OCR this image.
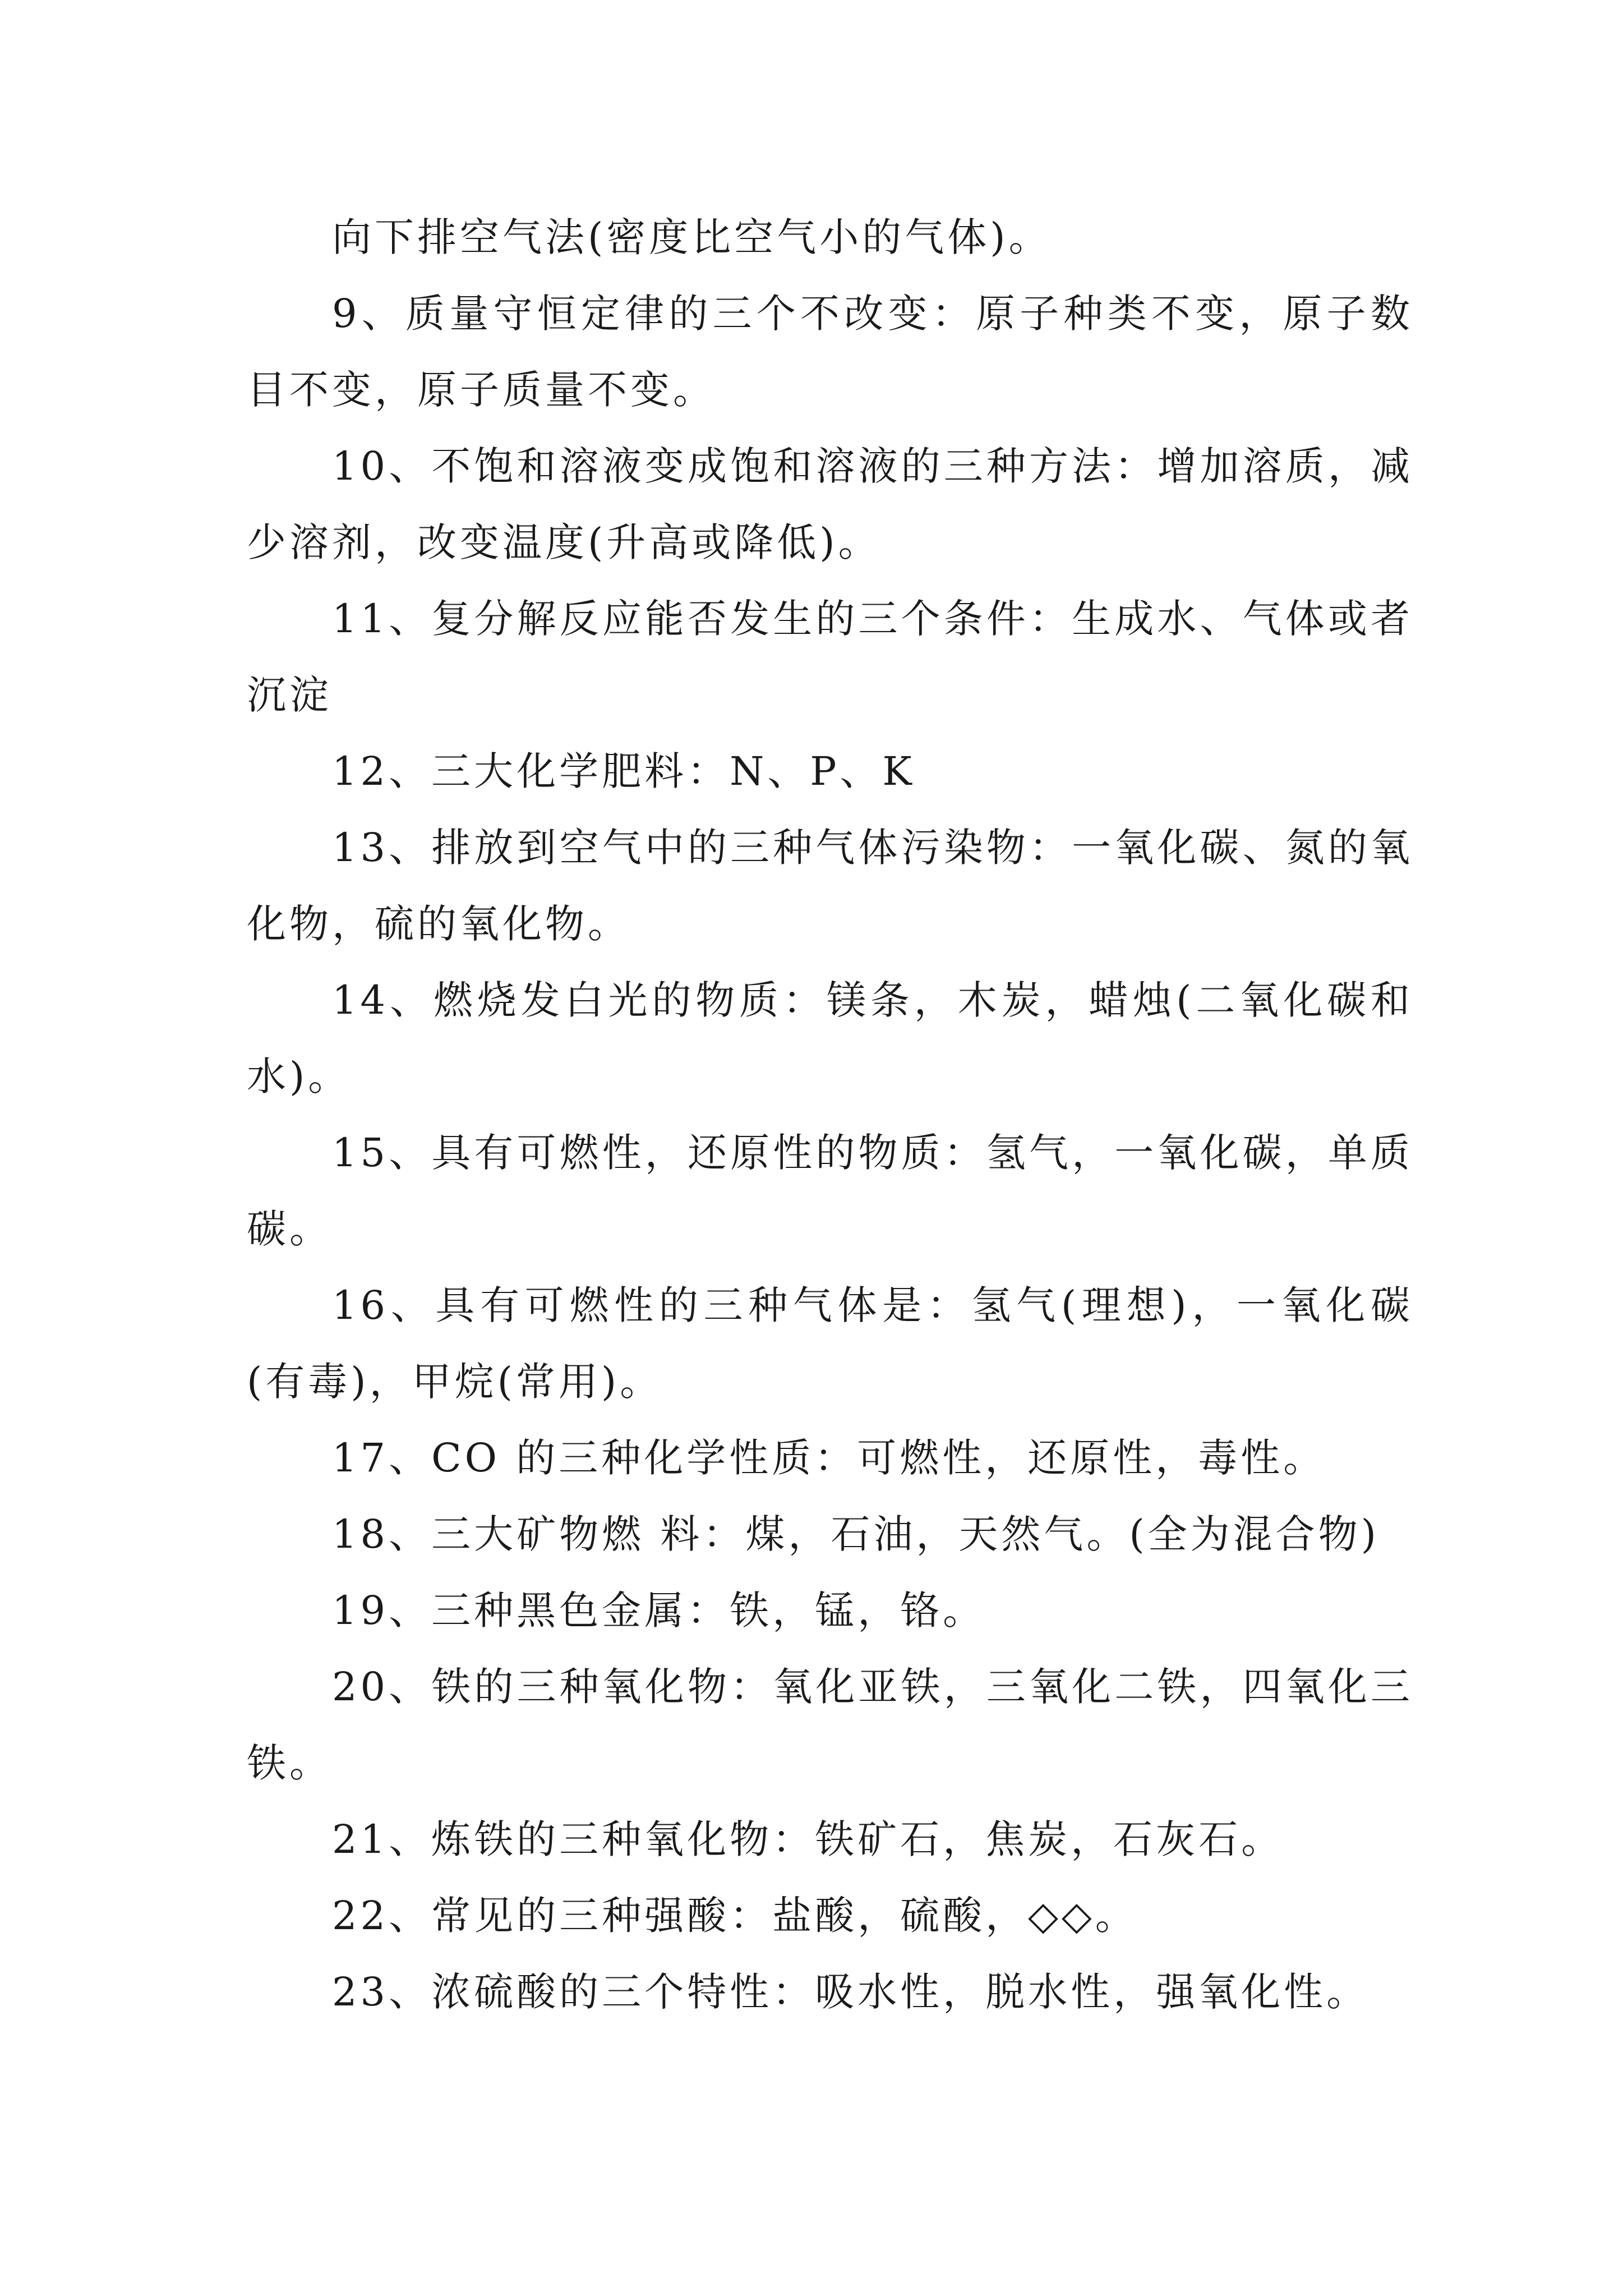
向下排空气法(密度比空气小的气体)。

9、质量守恒定律的三个不改变：原子种类不变，原子数目不变，原子质量不变。

10、不饱和溶液变成饱和溶液的三种方法：增加溶质，减少溶剂，改变温度(升高或降低)。

11、复分解反应能否发生的三个条件：生成水、气体或者沉淀

12、三大化学肥料：N、P、K

13、排放到空气中的三种气体污染物：一氧化碳、氮的氧化物，硫的氧化物。

14、燃烧发白光的物质：镁条，木炭，蜡烛(二氧化碳和水)。

15、具有可燃性，还原性的物质：氢气，一氧化碳，单质碳。

16、具有可燃性的三种气体是：氢气(理想)，一氧化碳(有毒)，甲烷(常用)。

17、CO 的三种化学性质：可燃性，还原性，毒性。

18、三大矿物燃 料：煤，石油，天然气。(全为混合物)

19、三种黑色金属：铁，锰，铬。

20、铁的三种氧化物：氧化亚铁，三氧化二铁，四氧化三铁。

21、炼铁的三种氧化物：铁矿石，焦炭，石灰石。

22、常见的三种强酸：盐酸，硫酸，◇◇。

23、浓硫酸的三个特性：吸水性，脱水性，强氧化性。
